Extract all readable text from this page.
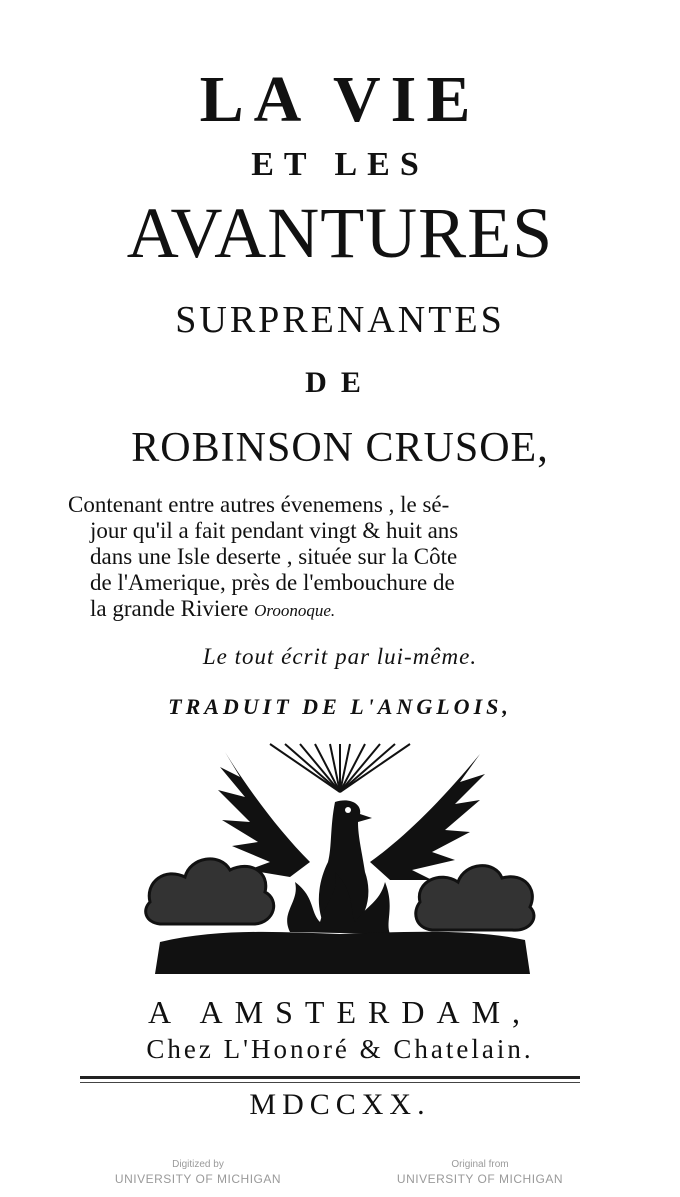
LA VIE
ET LES
AVANTURES
SURPRENANTES
DE
ROBINSON CRUSOE,
Contenant entre autres évenemens , le sé-
jour qu'il a fait pendant vingt & huit ans
dans une Isle deserte , située sur la Côte
de l'Amerique, près de l'embouchure de
la grande Riviere Oroonoque.
Le tout écrit par lui-même.
TRADUIT DE L'ANGLOIS,
A AMSTERDAM,
Chez L'Honoré & Chatelain.
MDCCXX.
Digitized by
UNIVERSITY OF MICHIGAN
Original from
UNIVERSITY OF MICHIGAN
